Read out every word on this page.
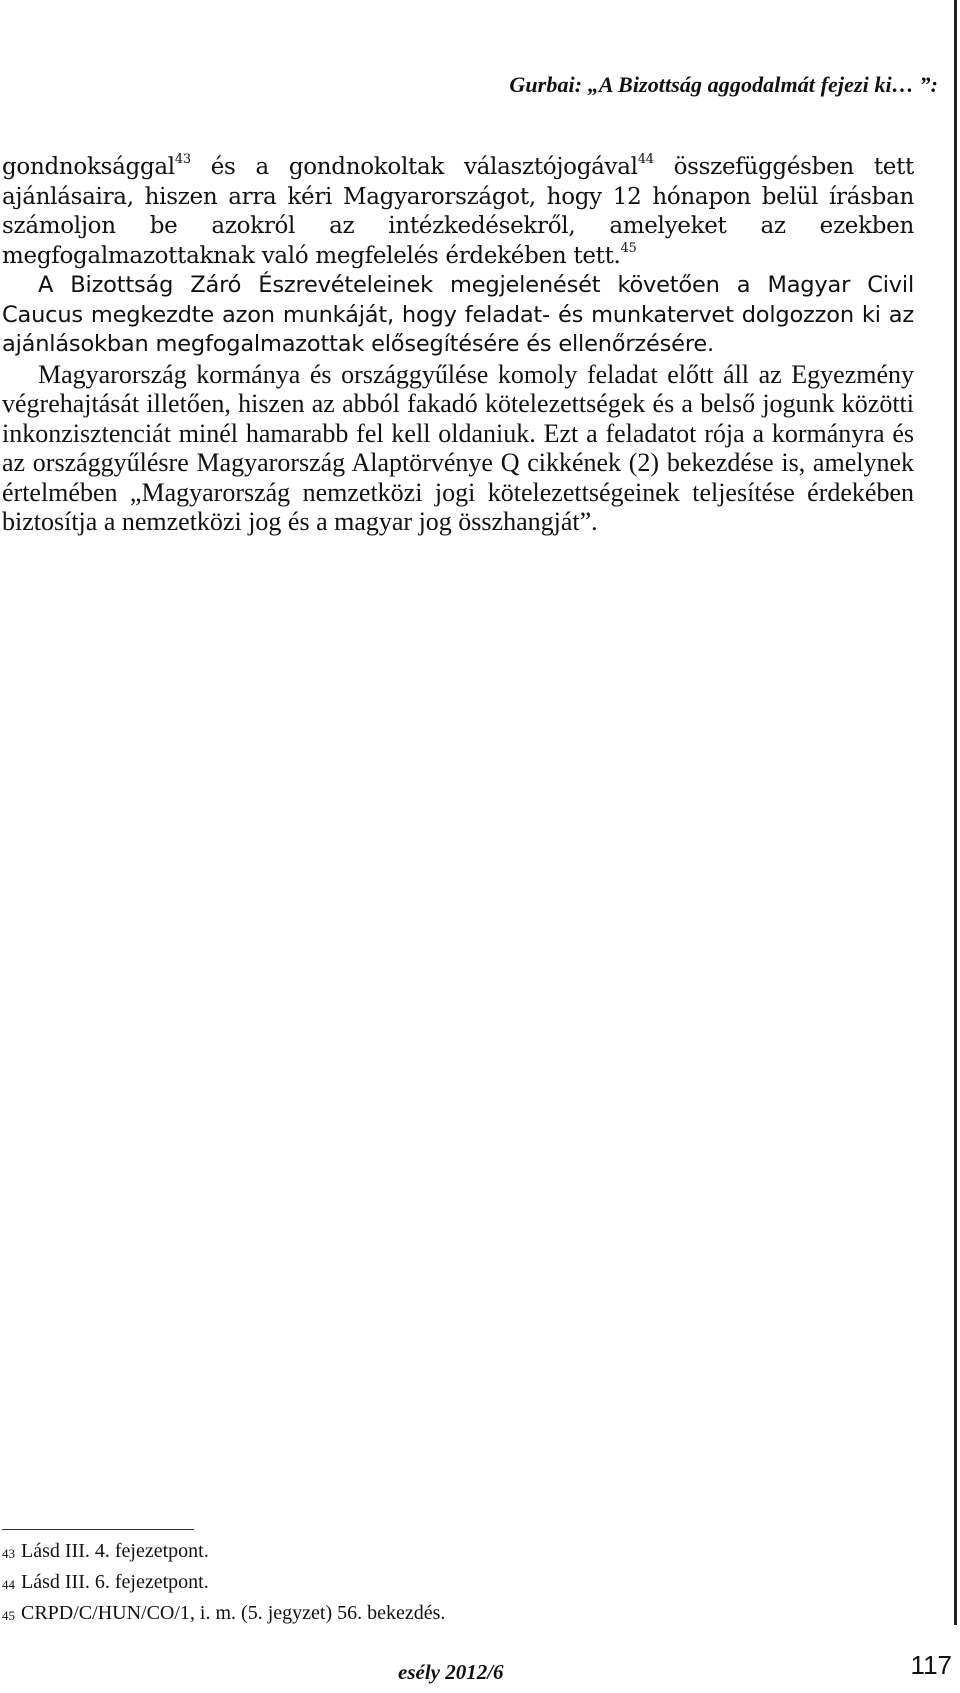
Gurbai: „A Bizottság aggodalmát fejezi ki… ”:

gondnoksággal$^{43}$ és a gondnokoltak választójogával$^{44}$ összefüggésben tett ajánlásaira, hiszen arra kéri Magyarországot, hogy 12 hónapon belül írásban számoljon be azokról az intézkedésekről, amelyeket az ezekben megfogalmazottaknak való megfelelés érdekében tett.$^{45}$

A Bizottság Záró Észrevételeinek megjelenését követően a Magyar Civil Caucus megkezdte azon munkáját, hogy feladat- és munkatervet dolgozzon ki az ajánlásokban megfogalmazottak elősegítésére és ellenőrzésére.

Magyarország kormánya és országgyűlése komoly feladat előtt áll az Egyezmény végrehajtását illetően, hiszen az abból fakadó kötelezettségek és a belső jogunk közötti inkonzisztenciát minél hamarabb fel kell oldaniuk. Ezt a feladatot rója a kormányra és az országgyűlésre Magyarország Alaptörvénye Q cikkének (2) bekezdése is, amelynek értelmében „Magyarország nemzetközi jogi kötelezettségeinek teljesítése érdekében biztosítja a nemzetközi jog és a magyar jog összhangját”.

$^{43}$ Lásd III. 4. fejezetpont.
$^{44}$ Lásd III. 6. fejezetpont.
$^{45}$ CRPD/C/HUN/CO/1, i. m. (5. jegyzet) 56. bekezdés.
esély 2012/6	117
